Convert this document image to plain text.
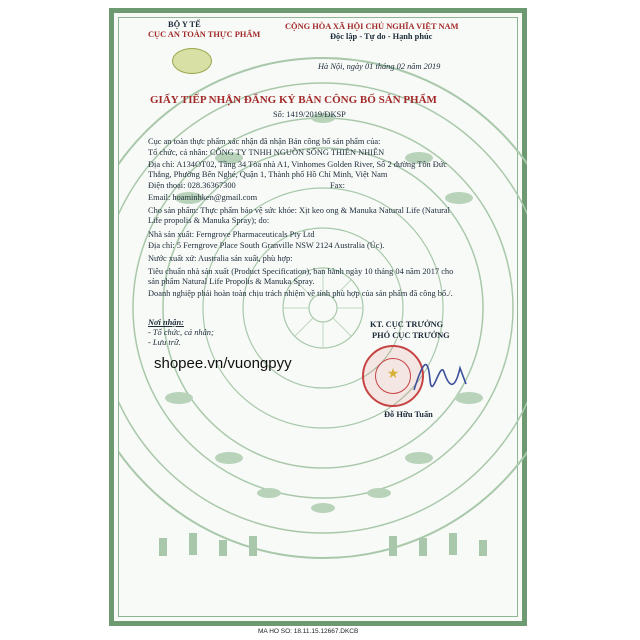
BỘ Y TẾ
CỤC AN TOÀN THỰC PHẨM
CỘNG HÒA XÃ HỘI CHỦ NGHĨA VIỆT NAM
Độc lập - Tự do - Hạnh phúc
Hà Nội, ngày 01 tháng 02 năm 2019
GIẤY TIẾP NHẬN ĐĂNG KÝ BẢN CÔNG BỐ SẢN PHẨM
Số: 1419/2019/ĐKSP
Cục an toàn thực phẩm xác nhận đã nhận Bản công bố sản phẩm của:
Tổ chức, cá nhân: CÔNG TY TNHH NGUỒN SỐNG THIÊN NHIÊN
Địa chỉ: A134OT02, Tầng 34 Tòa nhà A1, Vinhomes Golden River, Số 2 đường Tôn Đức
Thắng, Phường Bến Nghé, Quận 1, Thành phố Hồ Chí Minh, Việt Nam
Điện thoại: 028.36367300	Fax:
Email: hoaminhken@gmail.com
Cho sản phẩm: Thực phẩm bảo vệ sức khỏe: Xịt keo ong & Manuka Natural Life (Natural
Life propolis & Manuka Spray); do:
Nhà sản xuất: Ferngrove Pharmaceuticals Pty Ltd
Địa chỉ: 5 Ferngrove Place South Granville NSW 2124 Australia (Úc).
Nước xuất xứ: Australia sản xuất, phù hợp:
Tiêu chuẩn nhà sản xuất (Product Specification), ban hành ngày 10 tháng 04 năm 2017 cho
sản phẩm Natural Life Propolis & Manuka Spray.
Doanh nghiệp phải hoàn toàn chịu trách nhiệm về tính phù hợp của sản phẩm đã công bố./.
Nơi nhận:
- Tổ chức, cá nhân;
- Lưu trữ.
KT. CỤC TRƯỞNG
PHÓ CỤC TRƯỞNG
★
Đỗ Hữu Tuấn
shopee.vn/vuongpyy
MA HO SO: 18.11.15.12667.DKCB
